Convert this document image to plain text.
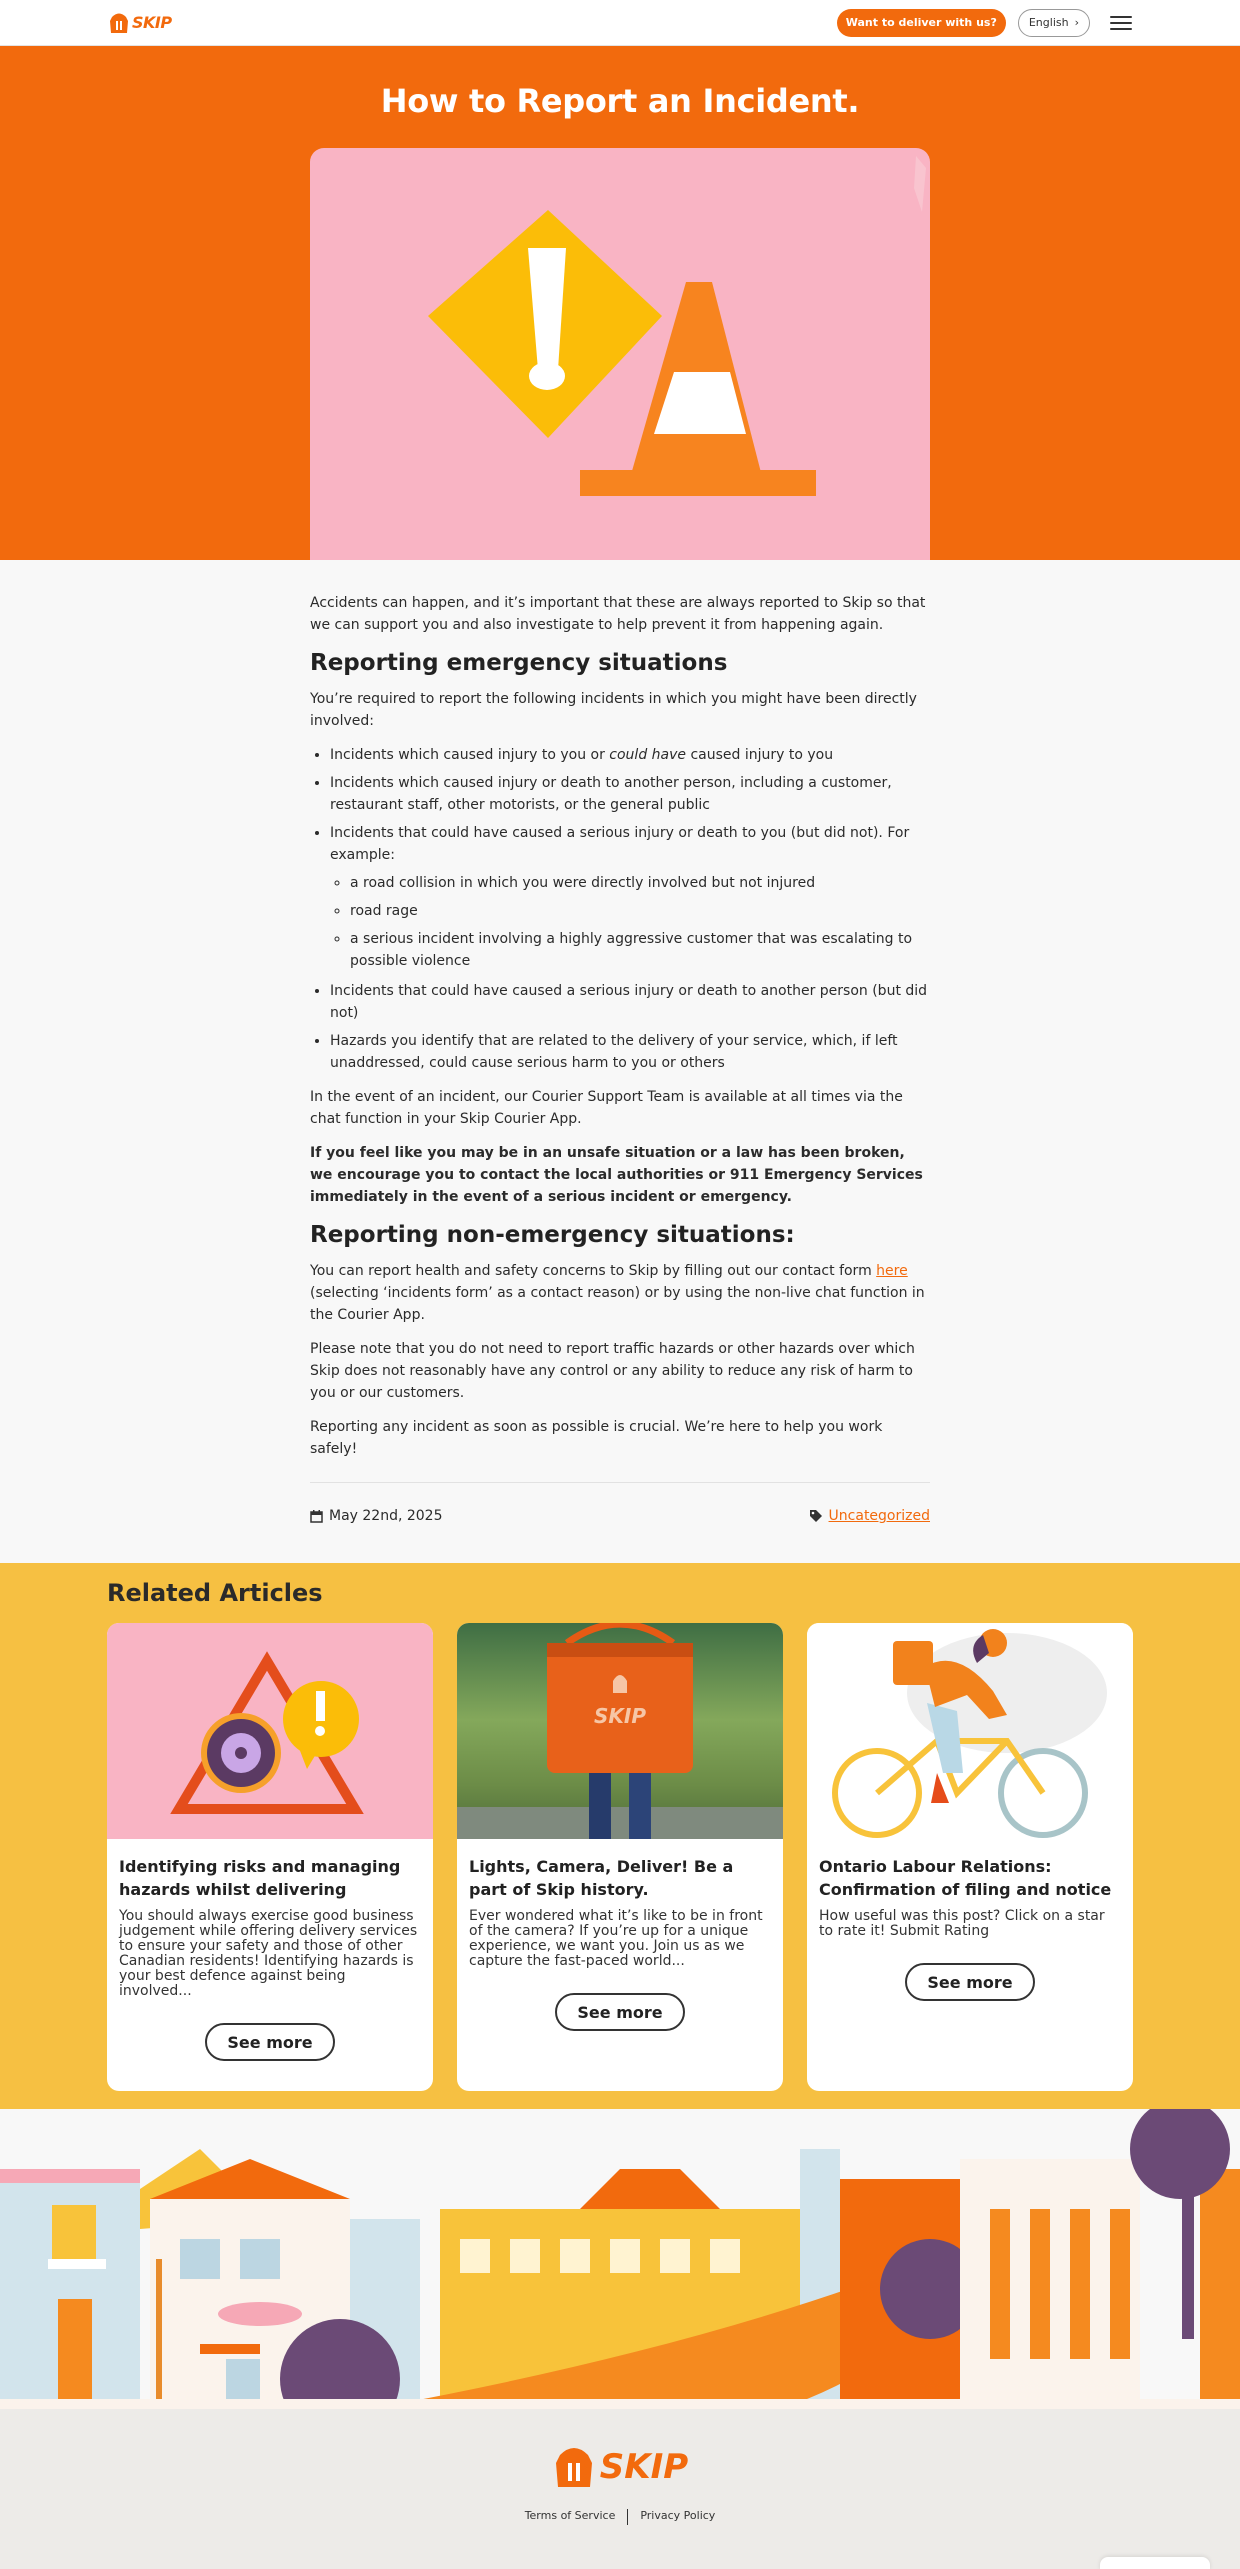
SKIP	Want to deliver with us?	English ›
How to Report an Incident.

Accidents can happen, and it’s important that these are always reported to Skip so that we can support you and also investigate to help prevent it from happening again.

Reporting emergency situations

You’re required to report the following incidents in which you might have been directly involved:

• Incidents which caused injury to you or could have caused injury to you
• Incidents which caused injury or death to another person, including a customer, restaurant staff, other motorists, or the general public
• Incidents that could have caused a serious injury or death to you (but did not). For example:
◦ a road collision in which you were directly involved but not injured
◦ road rage
◦ a serious incident involving a highly aggressive customer that was escalating to possible violence
• Incidents that could have caused a serious injury or death to another person (but did not)
• Hazards you identify that are related to the delivery of your service, which, if left unaddressed, could cause serious harm to you or others

In the event of an incident, our Courier Support Team is available at all times via the chat function in your Skip Courier App.

If you feel like you may be in an unsafe situation or a law has been broken, we encourage you to contact the local authorities or 911 Emergency Services immediately in the event of a serious incident or emergency.

Reporting non-emergency situations:

You can report health and safety concerns to Skip by filling out our contact form here (selecting ‘incidents form’ as a contact reason) or by using the non-live chat function in the Courier App.

Please note that you do not need to report traffic hazards or other hazards over which Skip does not reasonably have any control or any ability to reduce any risk of harm to you or our customers.

Reporting any incident as soon as possible is crucial. We’re here to help you work safely!

May 22nd, 2025	Uncategorized
Related Articles
Identifying risks and managing hazards whilst delivering
You should always exercise good business judgement while offering delivery services to ensure your safety and those of other Canadian residents! Identifying hazards is your best defence against being involved...
See more
SKIP
Lights, Camera, Deliver! Be a part of Skip history.
Ever wondered what it’s like to be in front of the camera? If you’re up for a unique experience, we want you. Join us as we capture the fast-paced world...
See more
Ontario Labour Relations: Confirmation of filing and notice
How useful was this post? Click on a star to rate it! Submit Rating
See more
SKIP
Terms of Service	Privacy Policy
